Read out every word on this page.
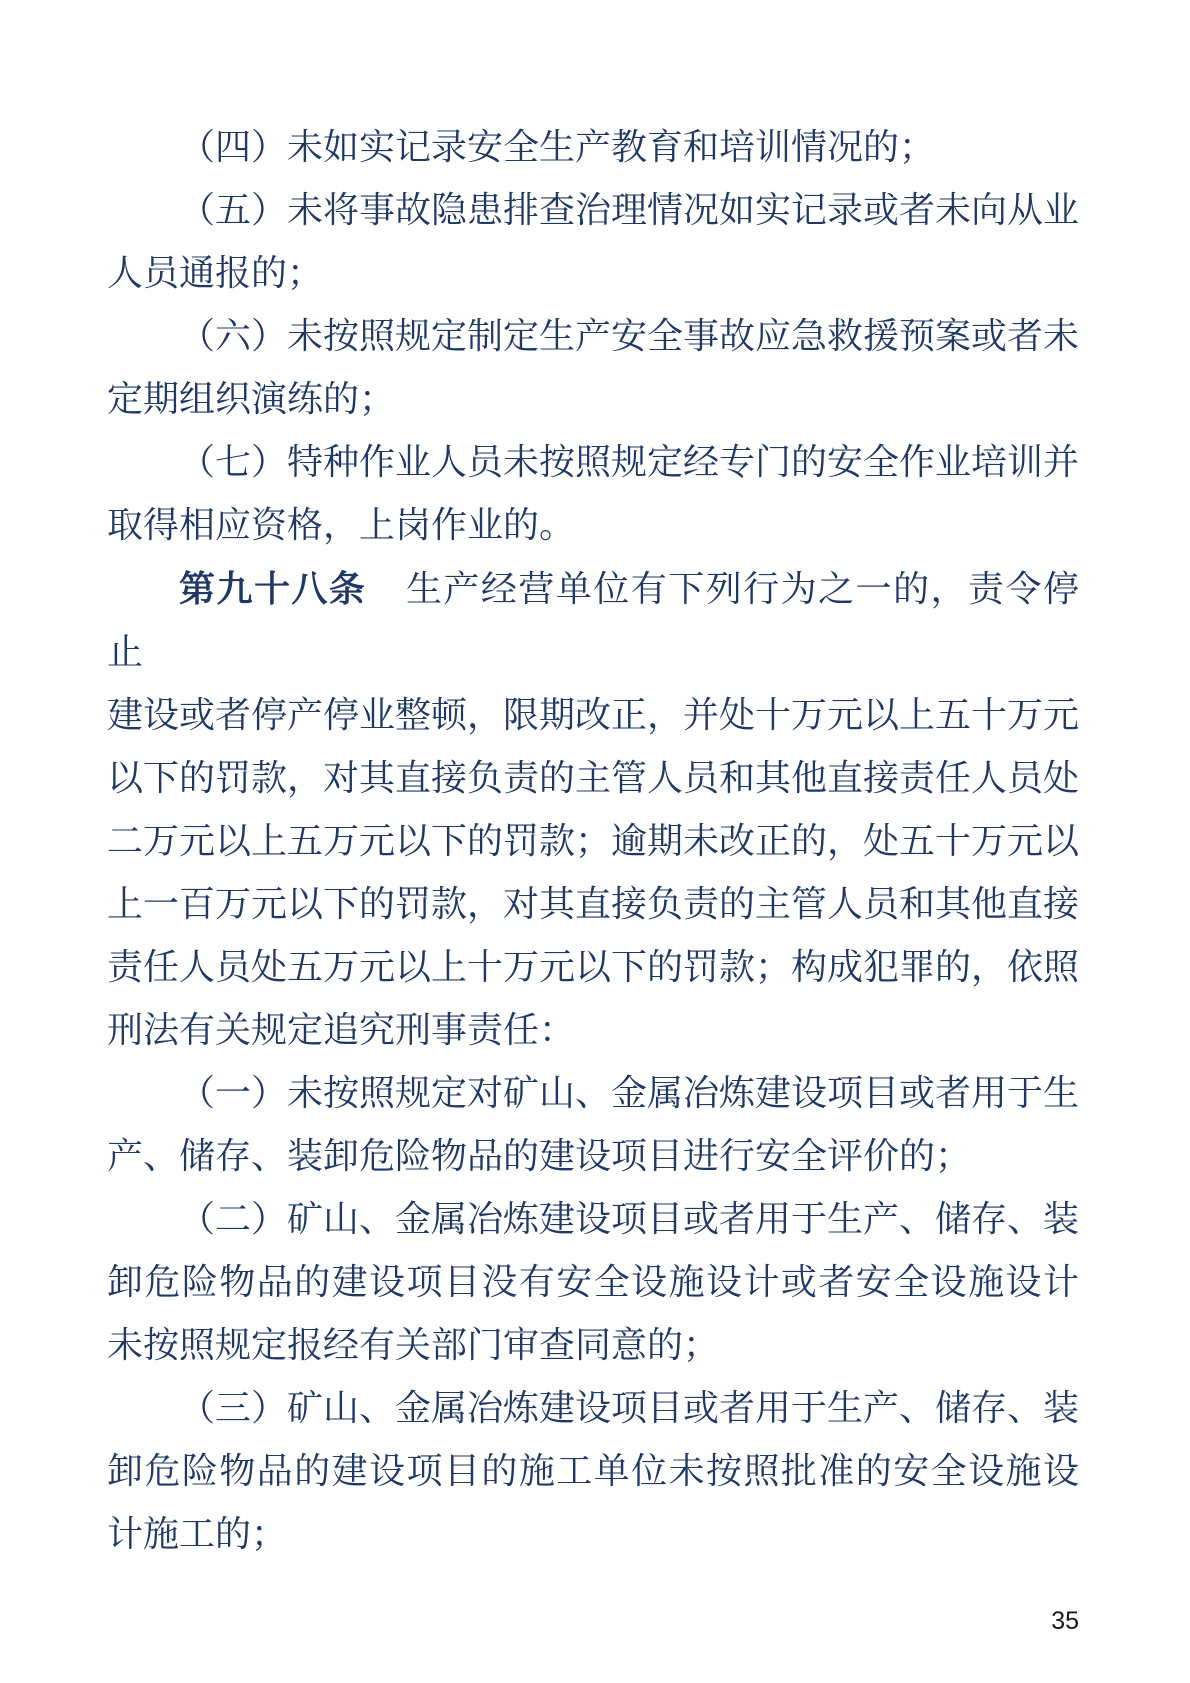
（四）未如实记录安全生产教育和培训情况的；
（五）未将事故隐患排查治理情况如实记录或者未向从业
人员通报的；
（六）未按照规定制定生产安全事故应急救援预案或者未
定期组织演练的；
（七）特种作业人员未按照规定经专门的安全作业培训并
取得相应资格，上岗作业的。
第九十八条 生产经营单位有下列行为之一的，责令停止
建设或者停产停业整顿，限期改正，并处十万元以上五十万元
以下的罚款，对其直接负责的主管人员和其他直接责任人员处
二万元以上五万元以下的罚款；逾期未改正的，处五十万元以
上一百万元以下的罚款，对其直接负责的主管人员和其他直接
责任人员处五万元以上十万元以下的罚款；构成犯罪的，依照
刑法有关规定追究刑事责任：
（一）未按照规定对矿山、金属冶炼建设项目或者用于生
产、储存、装卸危险物品的建设项目进行安全评价的；
（二）矿山、金属冶炼建设项目或者用于生产、储存、装
卸危险物品的建设项目没有安全设施设计或者安全设施设计
未按照规定报经有关部门审查同意的；
（三）矿山、金属冶炼建设项目或者用于生产、储存、装
卸危险物品的建设项目的施工单位未按照批准的安全设施设
计施工的；
35
